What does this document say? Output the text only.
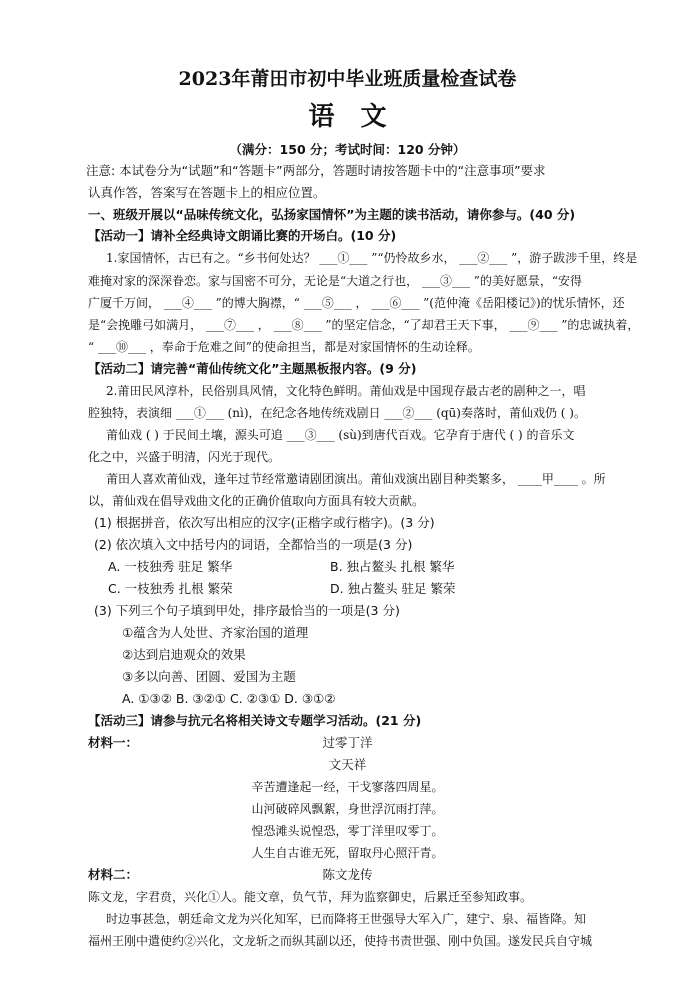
2023年莆田市初中毕业班质量检查试卷
语文
（满分：150 分；考试时间：120 分钟）
注意: 本试卷分为“试题”和“答题卡”两部分，答题时请按答题卡中的“注意事项”要求
认真作答，答案写在答题卡上的相应位置。
一、班级开展以“品味传统文化，弘扬家国情怀”为主题的读书活动，请你参与。(40 分)
【活动一】请补全经典诗文朗诵比赛的开场白。(10 分)
1.家国情怀，古已有之。“乡书何处达？ ___①___ ”“仍怜故乡水， ___②___ ”，游子跋涉千里，终是
难掩对家的深深眷恋。家与国密不可分，无论是“大道之行也， ___③___ ”的美好愿景，“安得
广厦千万间， ___④___ ”的博大胸襟，“ ___⑤___ ， ___⑥___ ”(范仲淹《岳阳楼记》)的忧乐情怀，还
是“会挽雕弓如满月， ___⑦___ ， ___⑧___ ”的坚定信念，“了却君王天下事， ___⑨___ ”的忠诚执着，
“ ___⑩___ ，奉命于危难之间”的使命担当，都是对家国情怀的生动诠释。
【活动二】请完善“莆仙传统文化”主题黑板报内容。(9 分)
2.莆田民风淳朴，民俗别具风情，文化特色鲜明。莆仙戏是中国现存最古老的剧种之一，唱
腔独特，表演细 ___①___ (nì)，在纪念各地传统戏剧日 ___②___ (qū)奏落时，莆仙戏仍 ( )。
莆仙戏 ( ) 于民间土壤，源头可追 ___③___ (sù)到唐代百戏。它孕育于唐代 ( ) 的音乐文
化之中，兴盛于明清，闪光于现代。
莆田人喜欢莆仙戏，逢年过节经常邀请剧团演出。莆仙戏演出剧目种类繁多， ____甲____ 。所
以，莆仙戏在倡导戏曲文化的正确价值取向方面具有较大贡献。
(1) 根据拼音，依次写出相应的汉字(正楷字或行楷字)。(3 分)
(2) 依次填入文中括号内的词语，全都恰当的一项是(3 分)
A. 一枝独秀 驻足 繁华	B. 独占鳌头 扎根 繁华
C. 一枝独秀 扎根 繁荣	D. 独占鳌头 驻足 繁荣
(3) 下列三个句子填到甲处，排序最恰当的一项是(3 分)
①蕴含为人处世、齐家治国的道理
②达到启迪观众的效果
③多以向善、团圆、爱国为主题
A. ①③② B. ③②① C. ②③① D. ③①②
【活动三】请参与抗元名将相关诗文专题学习活动。(21 分)
材料一：	过零丁洋
文天祥
辛苦遭逢起一经，干戈寥落四周星。
山河破碎风飘絮，身世浮沉雨打萍。
惶恐滩头说惶恐，零丁洋里叹零丁。
人生自古谁无死，留取丹心照汗青。
材料二：	陈文龙传
陈文龙，字君贲，兴化①人。能文章，负气节，拜为监察御史，后累迁至参知政事。
时边事甚急，朝廷命文龙为兴化知军，已而降将王世强导大军入广，建宁、泉、福皆降。知
福州王刚中遣使约②兴化，文龙斩之而纵其副以还，使持书责世强、刚中负国。遂发民兵自守城
